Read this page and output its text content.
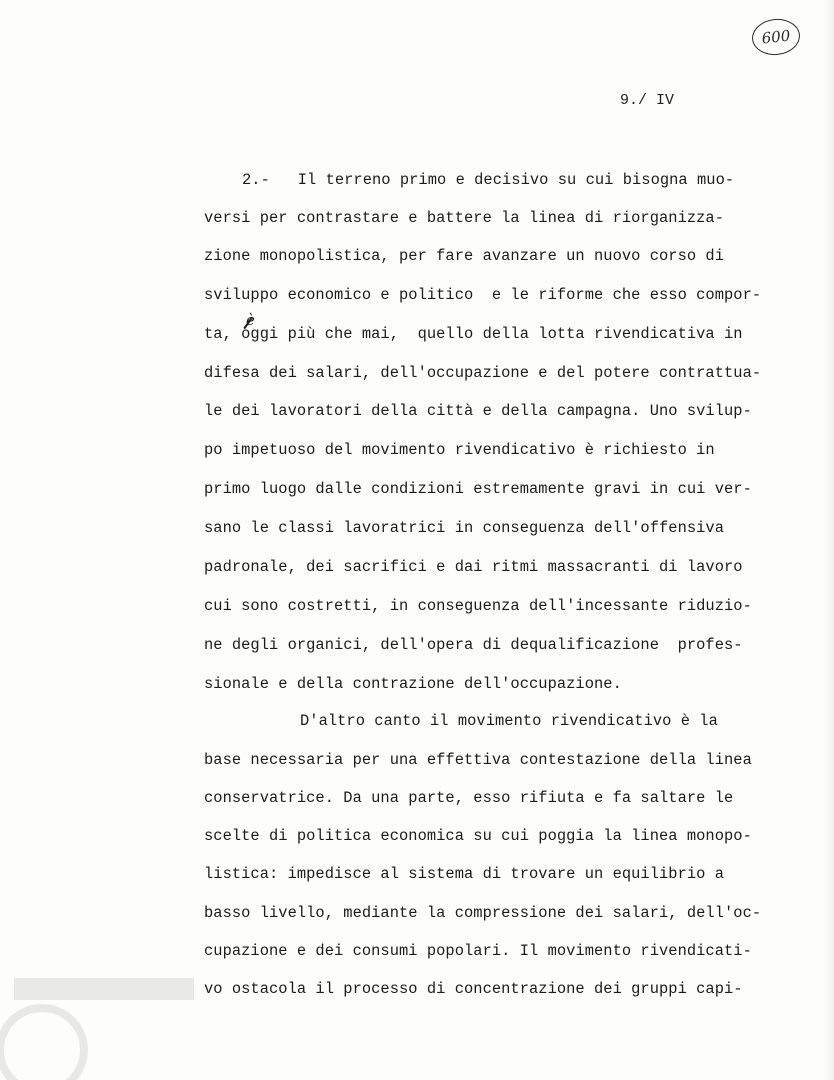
600
9./ IV
è
2.-   Il terreno primo e decisivo su cui bisogna muo-
versi per contrastare e battere la linea di riorganizza-
zione monopolistica, per fare avanzare un nuovo corso di
sviluppo economico e politico  e le riforme che esso compor-
ta, oggi più che mai,  quello della lotta rivendicativa in
difesa dei salari, dell'occupazione e del potere contrattua-
le dei lavoratori della città e della campagna. Uno svilup-
po impetuoso del movimento rivendicativo è richiesto in
primo luogo dalle condizioni estremamente gravi in cui ver-
sano le classi lavoratrici in conseguenza dell'offensiva
padronale, dei sacrifici e dai ritmi massacranti di lavoro
cui sono costretti, in conseguenza dell'incessante riduzio-
ne degli organici, dell'opera di dequalificazione  profes-
sionale e della contrazione dell'occupazione.
D'altro canto il movimento rivendicativo è la
base necessaria per una effettiva contestazione della linea
conservatrice. Da una parte, esso rifiuta e fa saltare le
scelte di politica economica su cui poggia la linea monopo-
listica: impedisce al sistema di trovare un equilibrio a
basso livello, mediante la compressione dei salari, dell'oc-
cupazione e dei consumi popolari. Il movimento rivendicati-
vo ostacola il processo di concentrazione dei gruppi capi-
